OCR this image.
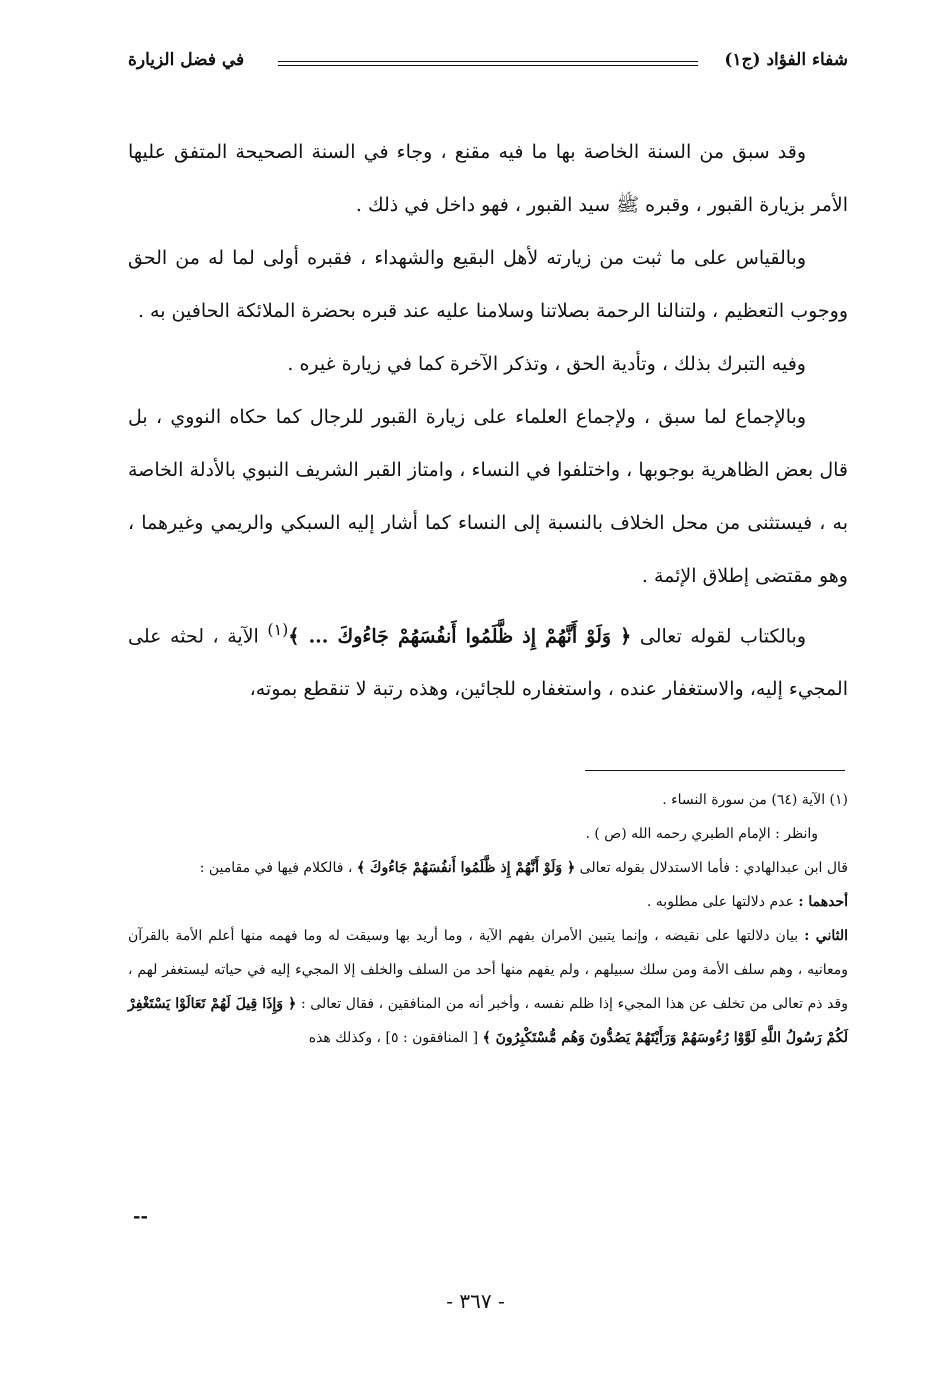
شفاء الفؤاد (ج١)
في فضل الزيارة

وقد سبق من السنة الخاصة بها ما فيه مقنع ، وجاء في السنة الصحيحة المتفق عليها الأمر بزيارة القبور ، وقبره ﷺ سيد القبور ، فهو داخل في ذلك .

وبالقياس على ما ثبت من زيارته لأهل البقيع والشهداء ، فقبره أولى لما له من الحق ووجوب التعظيم ، ولتنالنا الرحمة بصلاتنا وسلامنا عليه عند قبره بحضرة الملائكة الحافين به .

وفيه التبرك بذلك ، وتأدية الحق ، وتذكر الآخرة كما في زيارة غيره .

وبالإجماع لما سبق ، ولإجماع العلماء على زيارة القبور للرجال كما حكاه النووي ، بل قال بعض الظاهرية بوجوبها ، واختلفوا في النساء ، وامتاز القبر الشريف النبوي بالأدلة الخاصة به ، فيستثنى من محل الخلاف بالنسبة إلى النساء كما أشار إليه السبكي والريمي وغيرهما ، وهو مقتضى إطلاق الإئمة .

وبالكتاب لقوله تعالى ﴿ وَلَوْ أَنَّهُمْ إِذ ظَّلَمُوا أَنفُسَهُمْ جَاءُوكَ ... ﴾$^{(١)}$ الآية ، لحثه على المجيء إليه، والاستغفار عنده ، واستغفاره للجائين، وهذه رتبة لا تنقطع بموته،

(١) الآية (٦٤) من سورة النساء .

وانظر : الإمام الطبري رحمه الله (ص ) .

قال ابن عبدالهادي : فأما الاستدلال بقوله تعالى ﴿ وَلَوْ أَنَّهُمْ إِذ ظَّلَمُوا أَنفُسَهُمْ جَاءُوكَ ﴾ ، فالكلام فيها في مقامين :

أحدهما : عدم دلالتها على مطلوبه .

الثاني : بيان دلالتها على نقيضه ، وإنما يتبين الأمران بفهم الآية ، وما أريد بها وسيقت له وما فهمه منها أعلم الأمة بالقرآن ومعانيه ، وهم سلف الأمة ومن سلك سبيلهم ، ولم يفهم منها أحد من السلف والخلف إلا المجيء إليه في حياته ليستغفر لهم ، وقد ذم تعالى من تخلف عن هذا المجيء إذا ظلم نفسه ، وأخبر أنه من المنافقين ، فقال تعالى : ﴿ وَإِذَا قِيلَ لَهُمْ تَعَالَوْا يَسْتَغْفِرْ لَكُمْ رَسُولُ اللَّهِ لَوَّوْا رُءُوسَهُمْ وَرَأَيْتَهُمْ يَصُدُّونَ وَهُم مُّسْتَكْبِرُونَ ﴾ [ المنافقون : ٥] ، وكذلك هذه

--
- ٣٦٧ -
